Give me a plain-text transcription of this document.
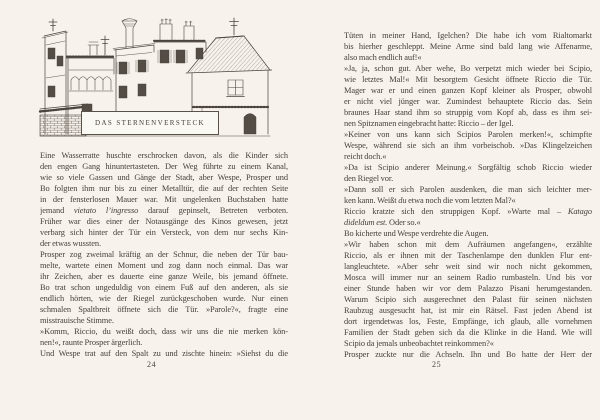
DAS STERNENVERSTECK
Eine Wasserratte huschte erschrocken davon, als die Kinder sich
den engen Gang hinuntertasteten. Der Weg führte zu einem Kanal,
wie so viele Gassen und Gänge der Stadt, aber Wespe, Prosper und
Bo folgten ihm nur bis zu einer Metalltür, die auf der rechten Seite
in der fensterlosen Mauer war. Mit ungelenken Buchstaben hatte
jemand vietato l’ingresso darauf gepinselt, Betreten verboten.
Früher war dies einer der Notausgänge des Kinos gewesen, jetzt
verbarg sich hinter der Tür ein Versteck, von dem nur sechs Kin-
der etwas wussten.
Prosper zog zweimal kräftig an der Schnur, die neben der Tür bau-
melte, wartete einen Moment und zog dann noch einmal. Das war
ihr Zeichen, aber es dauerte eine ganze Weile, bis jemand öffnete.
Bo trat schon ungeduldig von einem Fuß auf den anderen, als sie
endlich hörten, wie der Riegel zurückgeschoben wurde. Nur einen
schmalen Spaltbreit öffnete sich die Tür. »Parole?«, fragte eine
misstrauische Stimme.
»Komm, Riccio, du weißt doch, dass wir uns die nie merken kön-
nen!«, raunte Prosper ärgerlich.
Und Wespe trat auf den Spalt zu und zischte hinein: »Siehst du die
Tüten in meiner Hand, Igelchen? Die habe ich vom Rialtomarkt
bis hierher geschleppt. Meine Arme sind bald lang wie Affenarme,
also mach endlich auf!«
»Ja, ja, schon gut. Aber wehe, Bo verpetzt mich wieder bei Scipio,
wie letztes Mal!« Mit besorgtem Gesicht öffnete Riccio die Tür.
Mager war er und einen ganzen Kopf kleiner als Prosper, obwohl
er nicht viel jünger war. Zumindest behauptete Riccio das. Sein
braunes Haar stand ihm so struppig vom Kopf ab, dass es ihm sei-
nen Spitznamen eingebracht hatte: Riccio – der Igel.
»Keiner von uns kann sich Scipios Parolen merken!«, schimpfte
Wespe, während sie sich an ihm vorbeischob. »Das Klingelzeichen
reicht doch.«
»Da ist Scipio anderer Meinung.« Sorgfältig schob Riccio wieder
den Riegel vor.
»Dann soll er sich Parolen ausdenken, die man sich leichter mer-
ken kann. Weißt du etwa noch die vom letzten Mal?«
Riccio kratzte sich den struppigen Kopf. »Warte mal – Katago
dideldum est. Oder so.«
Bo kicherte und Wespe verdrehte die Augen.
»Wir haben schon mit dem Aufräumen angefangen«, erzählte
Riccio, als er ihnen mit der Taschenlampe den dunklen Flur ent-
langleuchtete. »Aber sehr weit sind wir noch nicht gekommen,
Mosca will immer nur an seinem Radio rumbasteln. Und bis vor
einer Stunde haben wir vor dem Palazzo Pisani herumgestanden.
Warum Scipio sich ausgerechnet den Palast für seinen nächsten
Raubzug ausgesucht hat, ist mir ein Rätsel. Fast jeden Abend ist
dort irgendetwas los, Feste, Empfänge, ich glaub, alle vornehmen
Familien der Stadt geben sich da die Klinke in die Hand. Wie will
Scipio da jemals unbeobachtet reinkommen?«
Prosper zuckte nur die Achseln. Ihn und Bo hatte der Herr der
24	25
